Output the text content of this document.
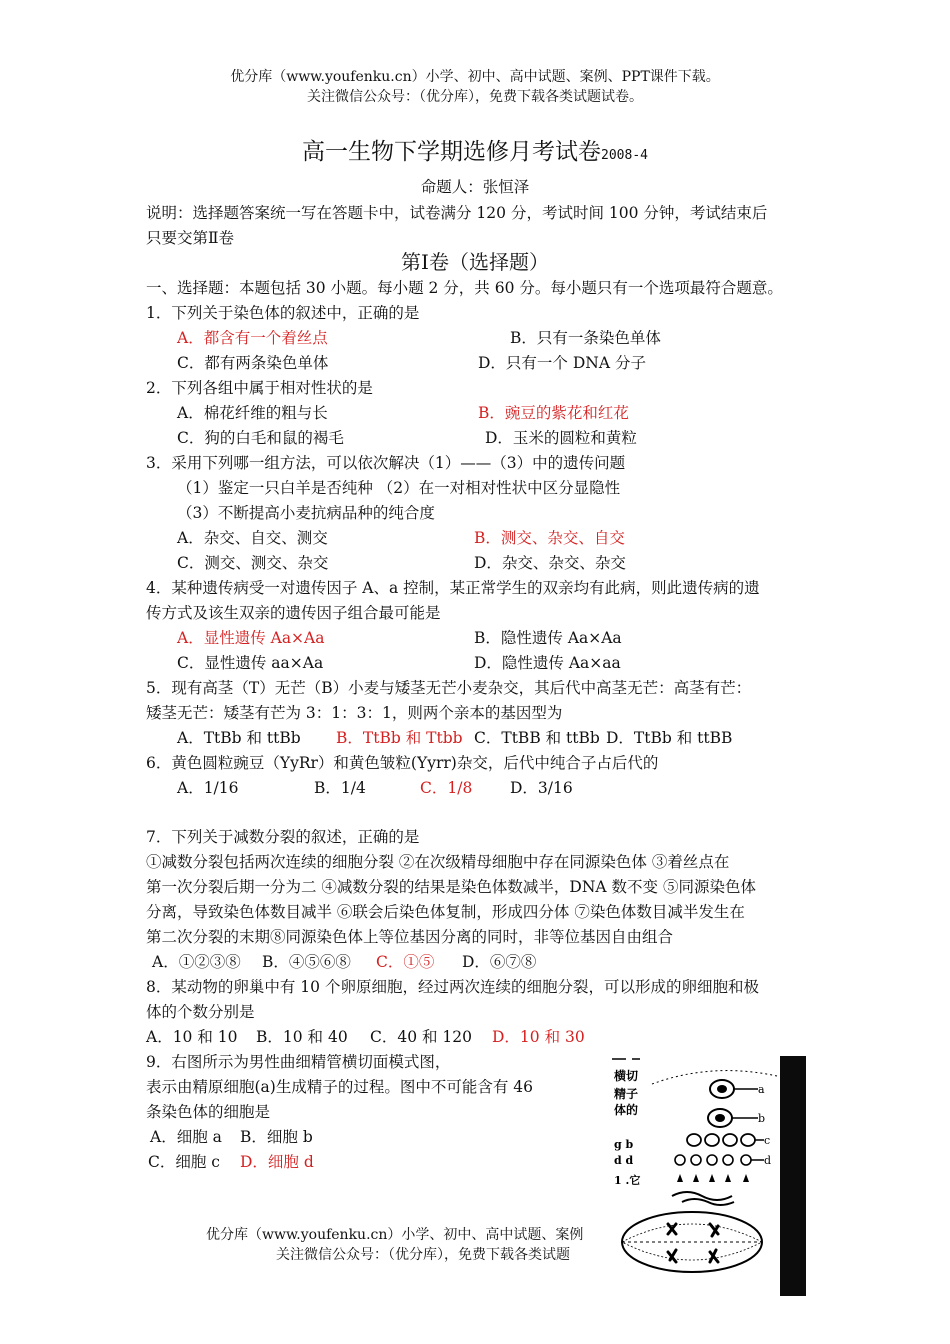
优分库（www.youfenku.cn）小学、初中、高中试题、案例、PPT课件下载。
关注微信公众号：（优分库），免费下载各类试题试卷。
高一生物下学期选修月考试卷2008-4
命题人：张恒泽
说明：选择题答案统一写在答题卡中，试卷满分 120 分，考试时间 100 分钟，考试结束后
只要交第Ⅱ卷
第Ⅰ卷（选择题）
一、选择题：本题包括 30 小题。每小题 2 分，共 60 分。每小题只有一个选项最符合题意。
1．下列关于染色体的叙述中，正确的是
A．都含有一个着丝点	B．只有一条染色单体
C．都有两条染色单体	D．只有一个 DNA 分子
2．下列各组中属于相对性状的是
A．棉花纤维的粗与长	B．豌豆的紫花和红花
C．狗的白毛和鼠的褐毛	D．玉米的圆粒和黄粒
3．采用下列哪一组方法，可以依次解决（1）——（3）中的遗传问题
（1）鉴定一只白羊是否纯种 （2）在一对相对性状中区分显隐性
（3）不断提高小麦抗病品种的纯合度
A．杂交、自交、测交	B．测交、杂交、自交
C．测交、测交、杂交	D．杂交、杂交、杂交
4．某种遗传病受一对遗传因子 A、a 控制，某正常学生的双亲均有此病，则此遗传病的遗
传方式及该生双亲的遗传因子组合最可能是
A．显性遗传 Aa×Aa	B．隐性遗传 Aa×Aa
C．显性遗传 aa×Aa	D．隐性遗传 Aa×aa
5．现有高茎（T）无芒（B）小麦与矮茎无芒小麦杂交，其后代中高茎无芒：高茎有芒：
矮茎无芒：矮茎有芒为 3：1：3：1，则两个亲本的基因型为
A．TtBb 和 ttBb B．TtBb 和 Ttbb C．TtBB 和 ttBb D．TtBb 和 ttBB
6．黄色圆粒豌豆（YyRr）和黄色皱粒(Yyrr)杂交，后代中纯合子占后代的
A．1/16	B．1/4	C．1/8 D．3/16
7．下列关于减数分裂的叙述，正确的是
①减数分裂包括两次连续的细胞分裂 ②在次级精母细胞中存在同源染色体 ③着丝点在
第一次分裂后期一分为二 ④减数分裂的结果是染色体数减半，DNA 数不变 ⑤同源染色体
分离，导致染色体数目减半 ⑥联会后染色体复制，形成四分体 ⑦染色体数目减半发生在
第二次分裂的末期⑧同源染色体上等位基因分离的同时，非等位基因自由组合
A．①②③⑧ B．④⑤⑥⑧ C．①⑤ D．⑥⑦⑧
8．某动物的卵巢中有 10 个卵原细胞，经过两次连续的细胞分裂，可以形成的卵细胞和极
体的个数分别是
A．10 和 10 B．10 和 40 C．40 和 120 D．10 和 30
9．右图所示为男性曲细精管横切面模式图，
表示由精原细胞(a)生成精子的过程。图中不可能含有 46
条染色体的细胞是
A．细胞 a B．细胞 b
C．细胞 c D．细胞 d
横切
精子
体的
g b
d d
1 .它
a
b
c
d
优分库（www.youfenku.cn）小学、初中、高中试题、案例
关注微信公众号：（优分库），免费下载各类试题
